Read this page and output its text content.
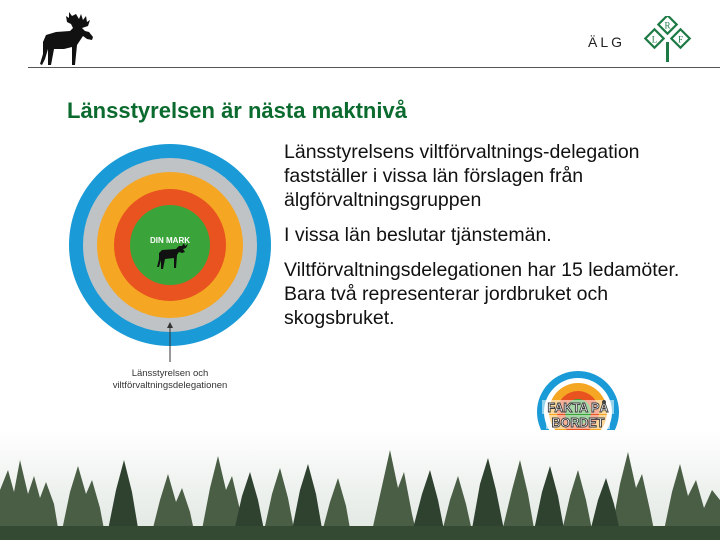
ÄLG
R
L F
Länsstyrelsen är nästa maktnivå

Länsstyrelsens viltförvaltnings-delegation fastställer i vissa län förslagen från älgförvaltningsgruppen

I vissa län beslutar tjänstemän.

Viltförvaltningsdelegationen har 15 ledamöter. Bara två representerar jordbruket och skogsbruket.

DIN MARK
Länsstyrelsen och
viltförvaltningsdelegationen
FAKTA PÅ
BORDET
